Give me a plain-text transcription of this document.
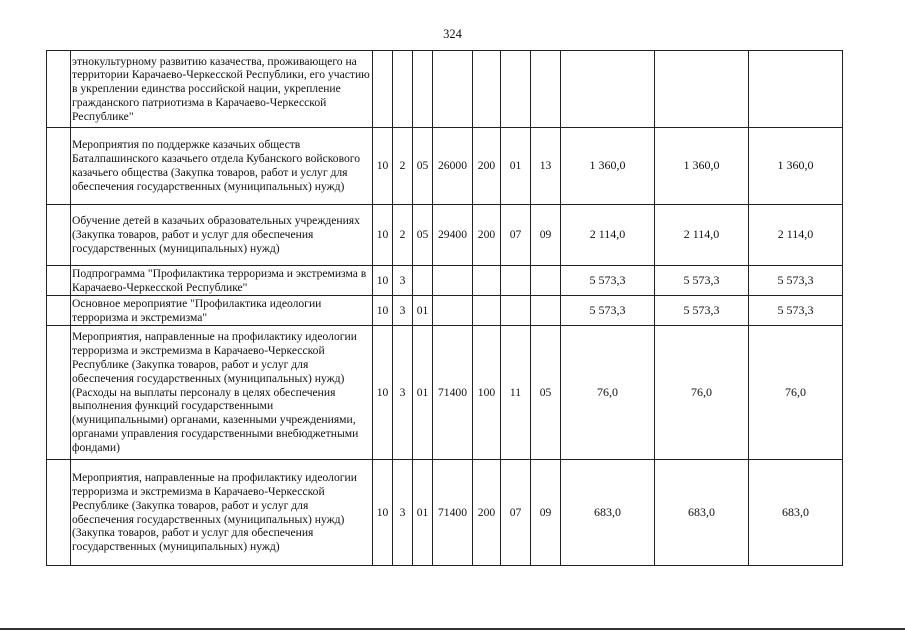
324
	этнокультурному развитию казачества, проживающего на территории Карачаево-Черкесской Республики, его участию в укреплении единства российской нации, укрепление гражданского патриотизма в Карачаево-Черкесской Республике"										
	Мероприятия по поддержке казачьих обществ Баталпашинского казачьего отдела Кубанского войскового казачьего общества (Закупка товаров, работ и услуг для обеспечения государственных (муниципальных) нужд)	10	2	05	26000	200	01	13	1 360,0	1 360,0	1 360,0
	Обучение детей в казачьих образовательных учреждениях (Закупка товаров, работ и услуг для обеспечения государственных (муниципальных) нужд)	10	2	05	29400	200	07	09	2 114,0	2 114,0	2 114,0
	Подпрограмма "Профилактика терроризма и экстремизма в Карачаево-Черкесской Республике"	10	3						5 573,3	5 573,3	5 573,3
	Основное мероприятие "Профилактика идеологии терроризма и экстремизма"	10	3	01					5 573,3	5 573,3	5 573,3
	Мероприятия, направленные на профилактику идеологии терроризма и экстремизма в Карачаево-Черкесской Республике (Закупка товаров, работ и услуг для обеспечения государственных (муниципальных) нужд) (Расходы на выплаты персоналу в целях обеспечения выполнения функций государственными (муниципальными) органами, казенными учреждениями, органами управления государственными внебюджетными фондами)	10	3	01	71400	100	11	05	76,0	76,0	76,0
	Мероприятия, направленные на профилактику идеологии терроризма и экстремизма в Карачаево-Черкесской Республике (Закупка товаров, работ и услуг для обеспечения государственных (муниципальных) нужд) (Закупка товаров, работ и услуг для обеспечения государственных (муниципальных) нужд)	10	3	01	71400	200	07	09	683,0	683,0	683,0
